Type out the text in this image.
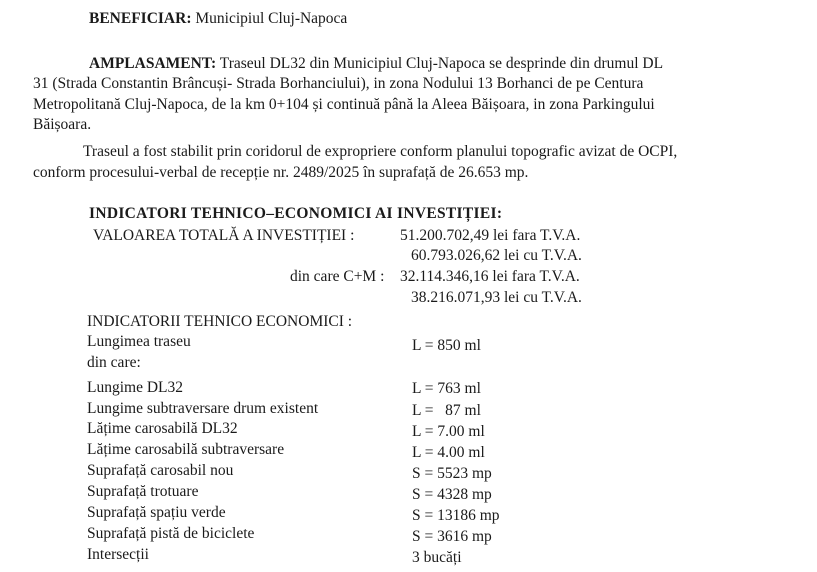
BENEFICIAR: Municipiul Cluj-Napoca
AMPLASAMENT: Traseul DL32 din Municipiul Cluj-Napoca se desprinde din drumul DL
31 (Strada Constantin Brâncuși- Strada Borhanciului), in zona Nodului 13 Borhanci de pe Centura
Metropolitană Cluj-Napoca, de la km 0+104 și continuă până la Aleea Băișoara, in zona Parkingului
Băișoara.
Traseul a fost stabilit prin coridorul de expropriere conform planului topografic avizat de OCPI,
conform procesului-verbal de recepție nr. 2489/2025 în suprafață de 26.653 mp.
INDICATORI TEHNICO–ECONOMICI AI INVESTIȚIEI:
VALOAREA TOTALĂ A INVESTIȚIEI :	51.200.702,49 lei fara T.V.A.
60.793.026,62 lei cu T.V.A.
din care C+M : 32.114.346,16 lei fara T.V.A.
38.216.071,93 lei cu T.V.A.
INDICATORII TEHNICO ECONOMICI :
Lungimea traseu	L = 850 ml
din care:
Lungime DL32	L = 763 ml
Lungime subtraversare drum existent	L =   87 ml
Lățime carosabilă DL32	L = 7.00 ml
Lățime carosabilă subtraversare	L = 4.00 ml
Suprafață carosabil nou	S = 5523 mp
Suprafață trotuare	S = 4328 mp
Suprafață spațiu verde	S = 13186 mp
Suprafață pistă de biciclete	S = 3616 mp
Intersecții	3 bucăți
